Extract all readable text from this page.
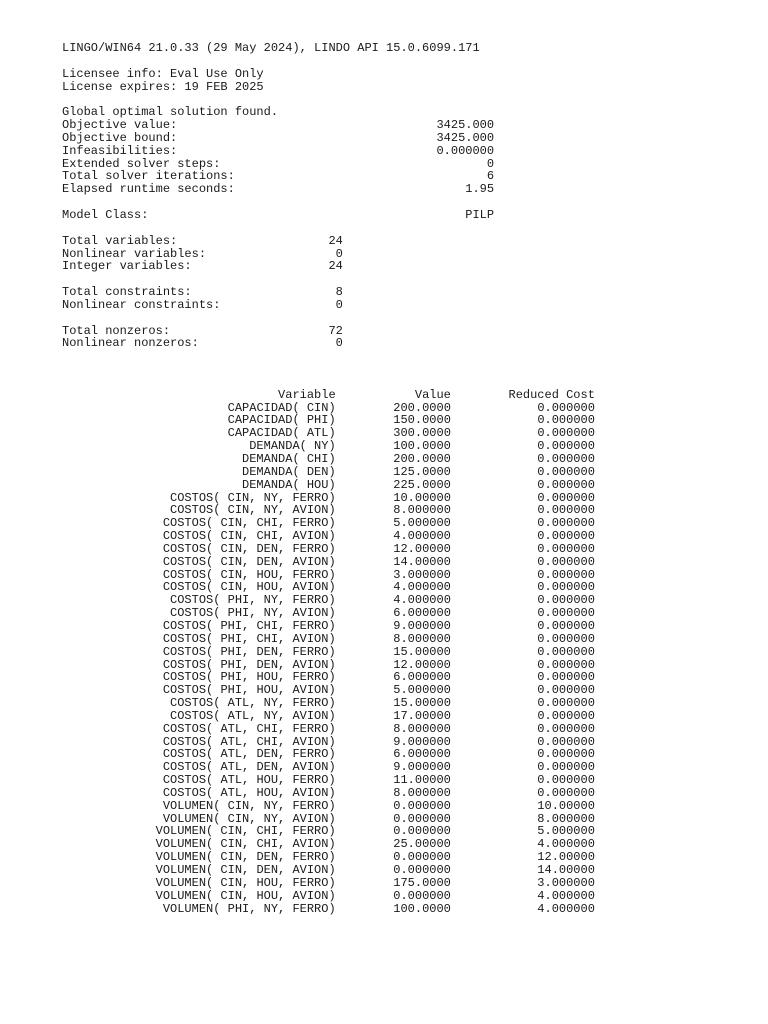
LINGO/WIN64 21.0.33 (29 May 2024), LINDO API 15.0.6099.171

Licensee info: Eval Use Only
License expires: 19 FEB 2025

Global optimal solution found.
Objective value:	3425.000
Objective bound:	3425.000
Infeasibilities:	0.000000
Extended solver steps:	0
Total solver iterations:	6
Elapsed runtime seconds:	1.95

Model Class:	PILP

Total variables:	24
Nonlinear variables:	0
Integer variables:	24

Total constraints:	8
Nonlinear constraints:	0

Total nonzeros:	72
Nonlinear nonzeros:	0

Variable	Value	Reduced Cost
CAPACIDAD( CIN)	200.0000	0.000000
CAPACIDAD( PHI)	150.0000	0.000000
CAPACIDAD( ATL)	300.0000	0.000000
DEMANDA( NY)	100.0000	0.000000
DEMANDA( CHI)	200.0000	0.000000
DEMANDA( DEN)	125.0000	0.000000
DEMANDA( HOU)	225.0000	0.000000
COSTOS( CIN, NY, FERRO)	10.00000	0.000000
COSTOS( CIN, NY, AVION)	8.000000	0.000000
COSTOS( CIN, CHI, FERRO)	5.000000	0.000000
COSTOS( CIN, CHI, AVION)	4.000000	0.000000
COSTOS( CIN, DEN, FERRO)	12.00000	0.000000
COSTOS( CIN, DEN, AVION)	14.00000	0.000000
COSTOS( CIN, HOU, FERRO)	3.000000	0.000000
COSTOS( CIN, HOU, AVION)	4.000000	0.000000
COSTOS( PHI, NY, FERRO)	4.000000	0.000000
COSTOS( PHI, NY, AVION)	6.000000	0.000000
COSTOS( PHI, CHI, FERRO)	9.000000	0.000000
COSTOS( PHI, CHI, AVION)	8.000000	0.000000
COSTOS( PHI, DEN, FERRO)	15.00000	0.000000
COSTOS( PHI, DEN, AVION)	12.00000	0.000000
COSTOS( PHI, HOU, FERRO)	6.000000	0.000000
COSTOS( PHI, HOU, AVION)	5.000000	0.000000
COSTOS( ATL, NY, FERRO)	15.00000	0.000000
COSTOS( ATL, NY, AVION)	17.00000	0.000000
COSTOS( ATL, CHI, FERRO)	8.000000	0.000000
COSTOS( ATL, CHI, AVION)	9.000000	0.000000
COSTOS( ATL, DEN, FERRO)	6.000000	0.000000
COSTOS( ATL, DEN, AVION)	9.000000	0.000000
COSTOS( ATL, HOU, FERRO)	11.00000	0.000000
COSTOS( ATL, HOU, AVION)	8.000000	0.000000
VOLUMEN( CIN, NY, FERRO)	0.000000	10.00000
VOLUMEN( CIN, NY, AVION)	0.000000	8.000000
VOLUMEN( CIN, CHI, FERRO)	0.000000	5.000000
VOLUMEN( CIN, CHI, AVION)	25.00000	4.000000
VOLUMEN( CIN, DEN, FERRO)	0.000000	12.00000
VOLUMEN( CIN, DEN, AVION)	0.000000	14.00000
VOLUMEN( CIN, HOU, FERRO)	175.0000	3.000000
VOLUMEN( CIN, HOU, AVION)	0.000000	4.000000
VOLUMEN( PHI, NY, FERRO)	100.0000	4.000000
